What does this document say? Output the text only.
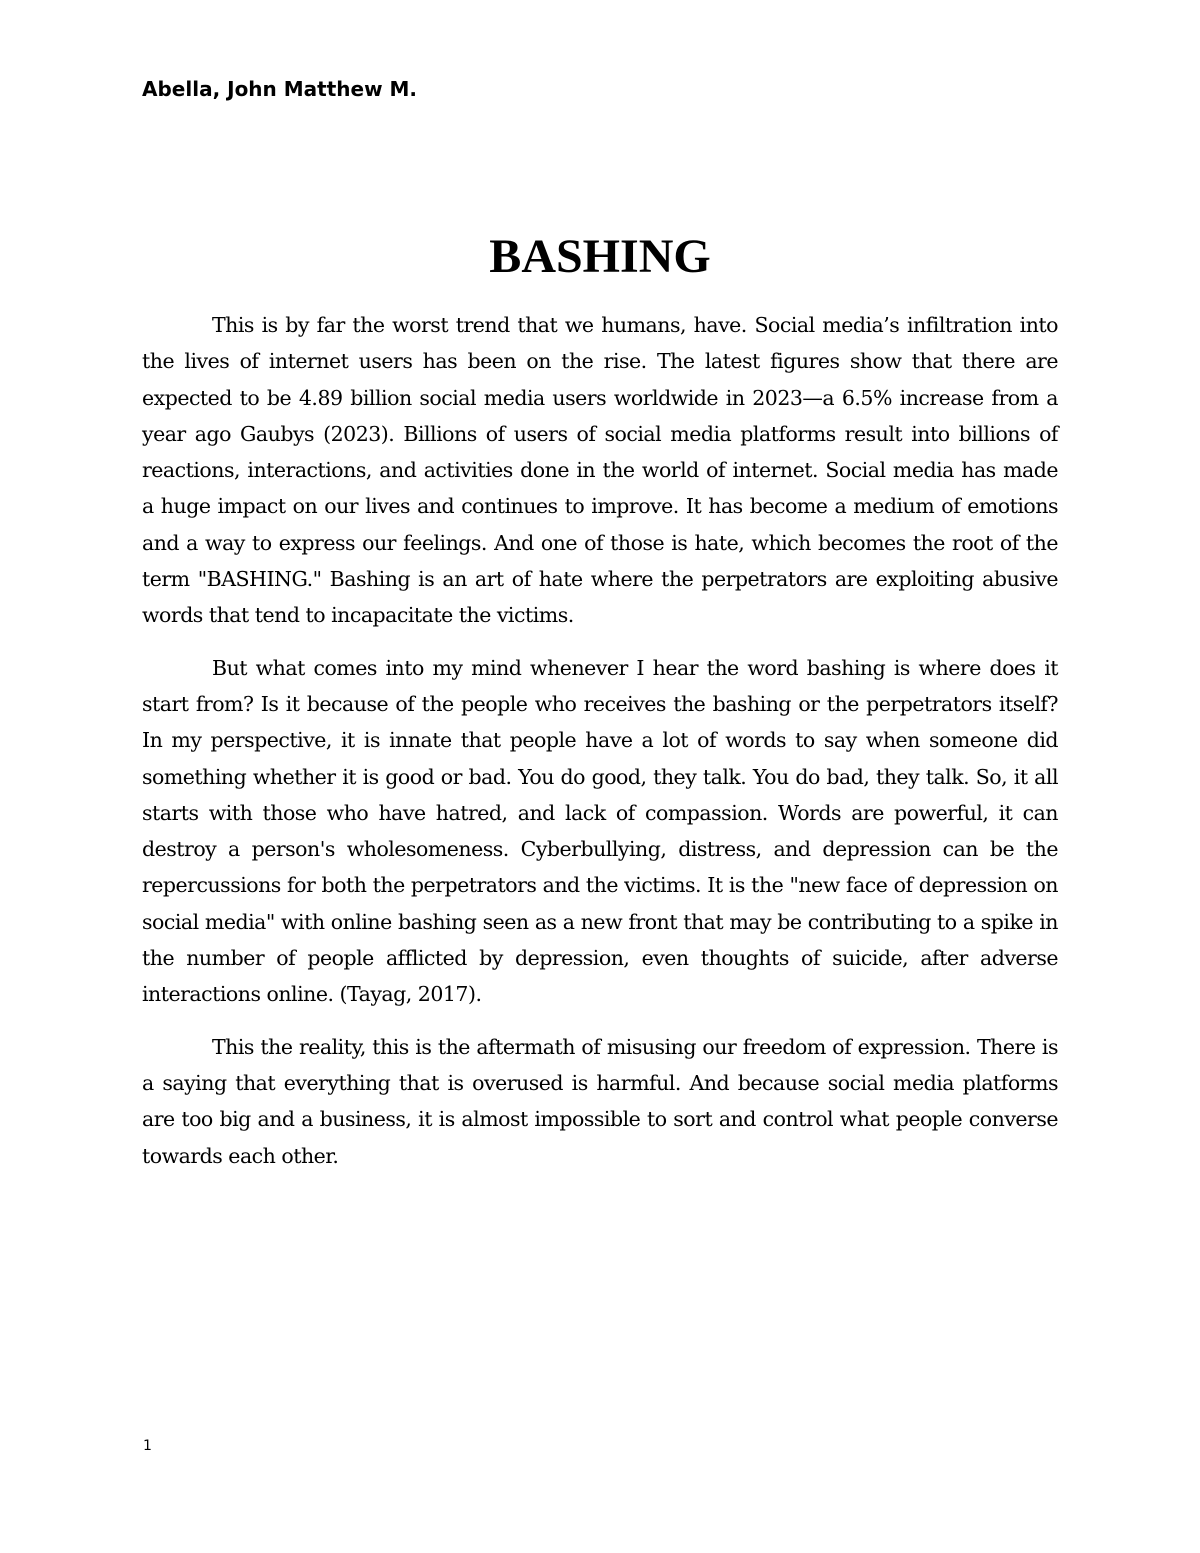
Abella, John Matthew M.

BASHING

This is by far the worst trend that we humans, have. Social media’s infiltration into the lives of internet users has been on the rise. The latest figures show that there are expected to be 4.89 billion social media users worldwide in 2023—a 6.5% increase from a year ago Gaubys (2023). Billions of users of social media platforms result into billions of reactions, interactions, and activities done in the world of internet. Social media has made a huge impact on our lives and continues to improve. It has become a medium of emotions and a way to express our feelings. And one of those is hate, which becomes the root of the term "BASHING." Bashing is an art of hate where the perpetrators are exploiting abusive words that tend to incapacitate the victims.

But what comes into my mind whenever I hear the word bashing is where does it start from? Is it because of the people who receives the bashing or the perpetrators itself? In my perspective, it is innate that people have a lot of words to say when someone did something whether it is good or bad. You do good, they talk. You do bad, they talk. So, it all starts with those who have hatred, and lack of compassion. Words are powerful, it can destroy a person's wholesomeness. Cyberbullying, distress, and depression can be the repercussions for both the perpetrators and the victims. It is the "new face of depression on social media" with online bashing seen as a new front that may be contributing to a spike in the number of people afflicted by depression, even thoughts of suicide, after adverse interactions online. (Tayag, 2017).

This the reality, this is the aftermath of misusing our freedom of expression. There is a saying that everything that is overused is harmful. And because social media platforms are too big and a business, it is almost impossible to sort and control what people converse towards each other.

1
